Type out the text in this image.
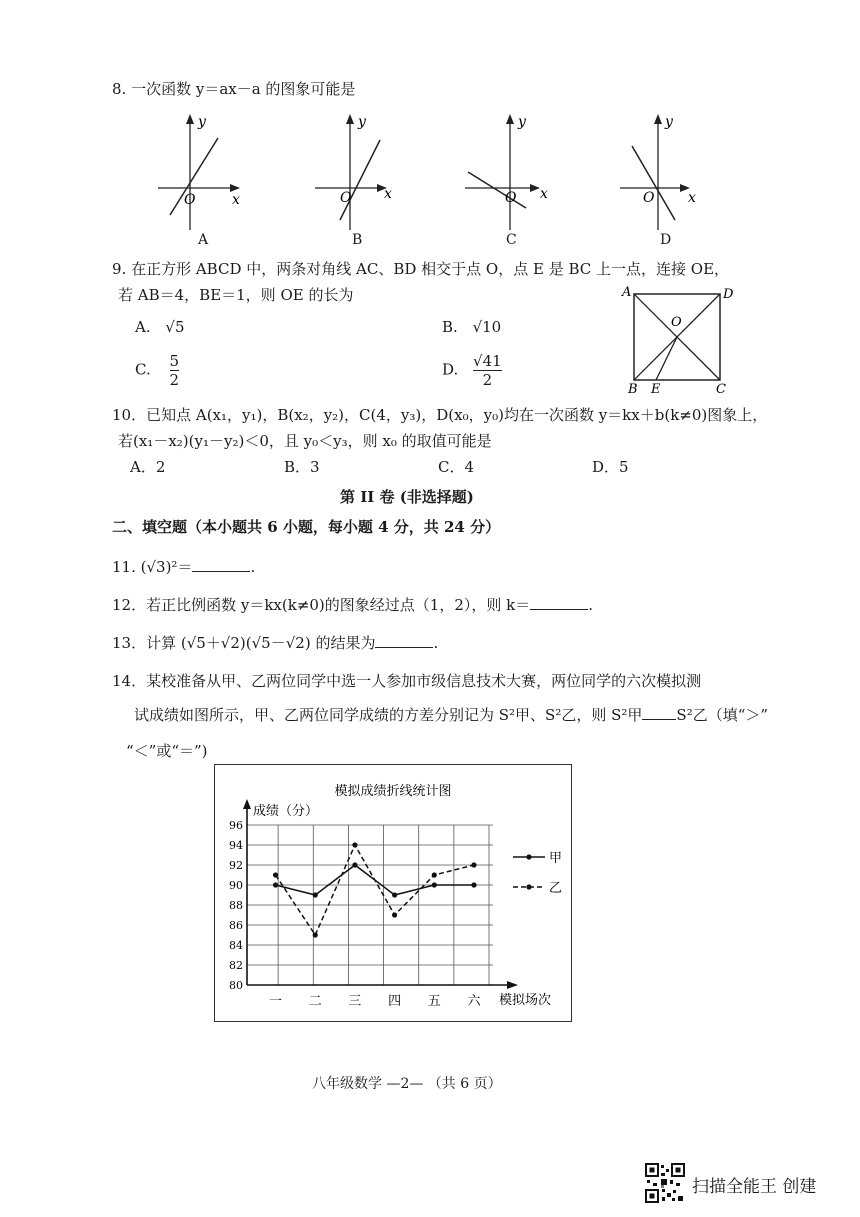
8. 一次函数 y＝ax－a 的图象可能是
y
x
O
y
x
O
y
x
O
y
x
O
A	B	C	D
9. 在正方形 ABCD 中，两条对角线 AC、BD 相交于点 O，点 E 是 BC 上一点，连接 OE，
若 AB＝4，BE＝1，则 OE 的长为
A. √5	B. √10
C. $\frac{5}{2}$	D. $\frac{√41}{2}$
A	D
O
B E	C
10．已知点 A(x₁，y₁)，B(x₂，y₂)，C(4，y₃)，D(x₀，y₀)均在一次函数 y＝kx＋b(k≠0)图象上，
若(x₁－x₂)(y₁－y₂)＜0，且 y₀＜y₃，则 x₀ 的取值可能是
A．2	B．3	C．4	D．5
第 II 卷 (非选择题)
二、填空题（本小题共 6 小题，每小题 4 分，共 24 分）
11. (√3)²＝	.
12．若正比例函数 y＝kx(k≠0)的图象经过点（1，2），则 k＝	.
13．计算 (√5＋√2)(√5－√2) 的结果为	.
14．某校准备从甲、乙两位同学中选一人参加市级信息技术大赛，两位同学的六次模拟测
试成绩如图所示，甲、乙两位同学成绩的方差分别记为 S²甲、S²乙，则 S²甲 S²乙（填“＞”
“＜”或“＝”)
模拟成绩折线统计图
成绩（分）
模拟场次
80
82
84
86
88
90
92
94
96
一 二 三 四 五 六
甲
乙
八年级数学 —2— （共 6 页）
扫描全能王 创建
